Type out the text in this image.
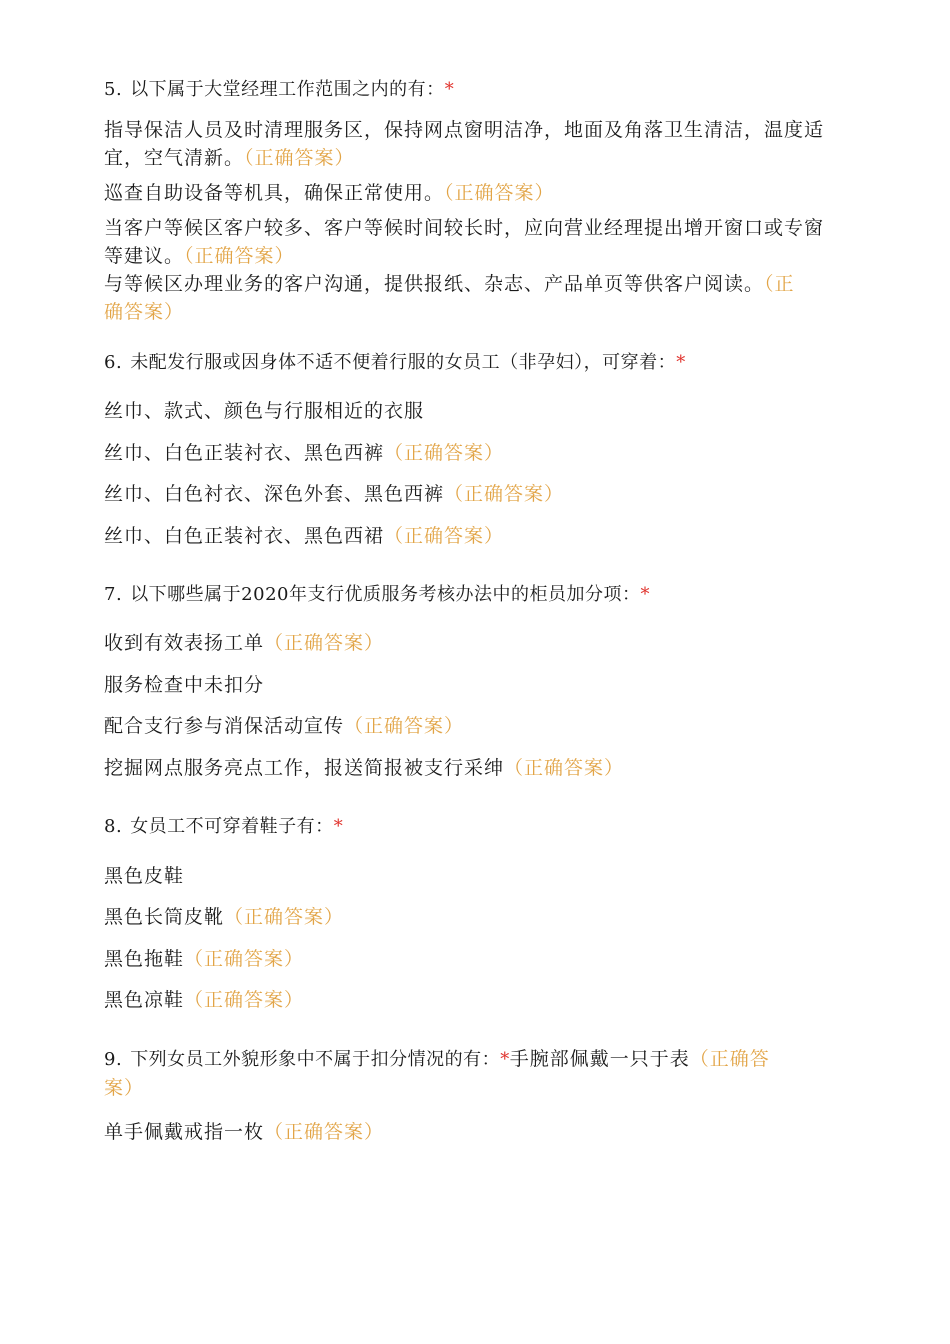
5. 以下属于大堂经理工作范围之内的有：*
指导保洁人员及时清理服务区，保持网点窗明洁净，地面及角落卫生清洁，温度适
宜，空气清新。（正确答案）
巡查自助设备等机具，确保正常使用。（正确答案）
当客户等候区客户较多、客户等候时间较长时，应向营业经理提出增开窗口或专窗
等建议。（正确答案）
与等候区办理业务的客户沟通，提供报纸、杂志、产品单页等供客户阅读。（正
确答案）
6. 未配发行服或因身体不适不便着行服的女员工（非孕妇），可穿着：*
丝巾、款式、颜色与行服相近的衣服
丝巾、白色正装衬衣、黑色西裤（正确答案）
丝巾、白色衬衣、深色外套、黑色西裤（正确答案）
丝巾、白色正装衬衣、黑色西裙（正确答案）
7. 以下哪些属于2020年支行优质服务考核办法中的柜员加分项：*
收到有效表扬工单（正确答案）
服务检查中未扣分
配合支行参与消保活动宣传（正确答案）
挖掘网点服务亮点工作，报送简报被支行采绅（正确答案）
8. 女员工不可穿着鞋子有：*
黑色皮鞋
黑色长筒皮靴（正确答案）
黑色拖鞋（正确答案）
黑色凉鞋（正确答案）
9. 下列女员工外貌形象中不属于扣分情况的有：*手腕部佩戴一只于表（正确答
案）
单手佩戴戒指一枚（正确答案）
